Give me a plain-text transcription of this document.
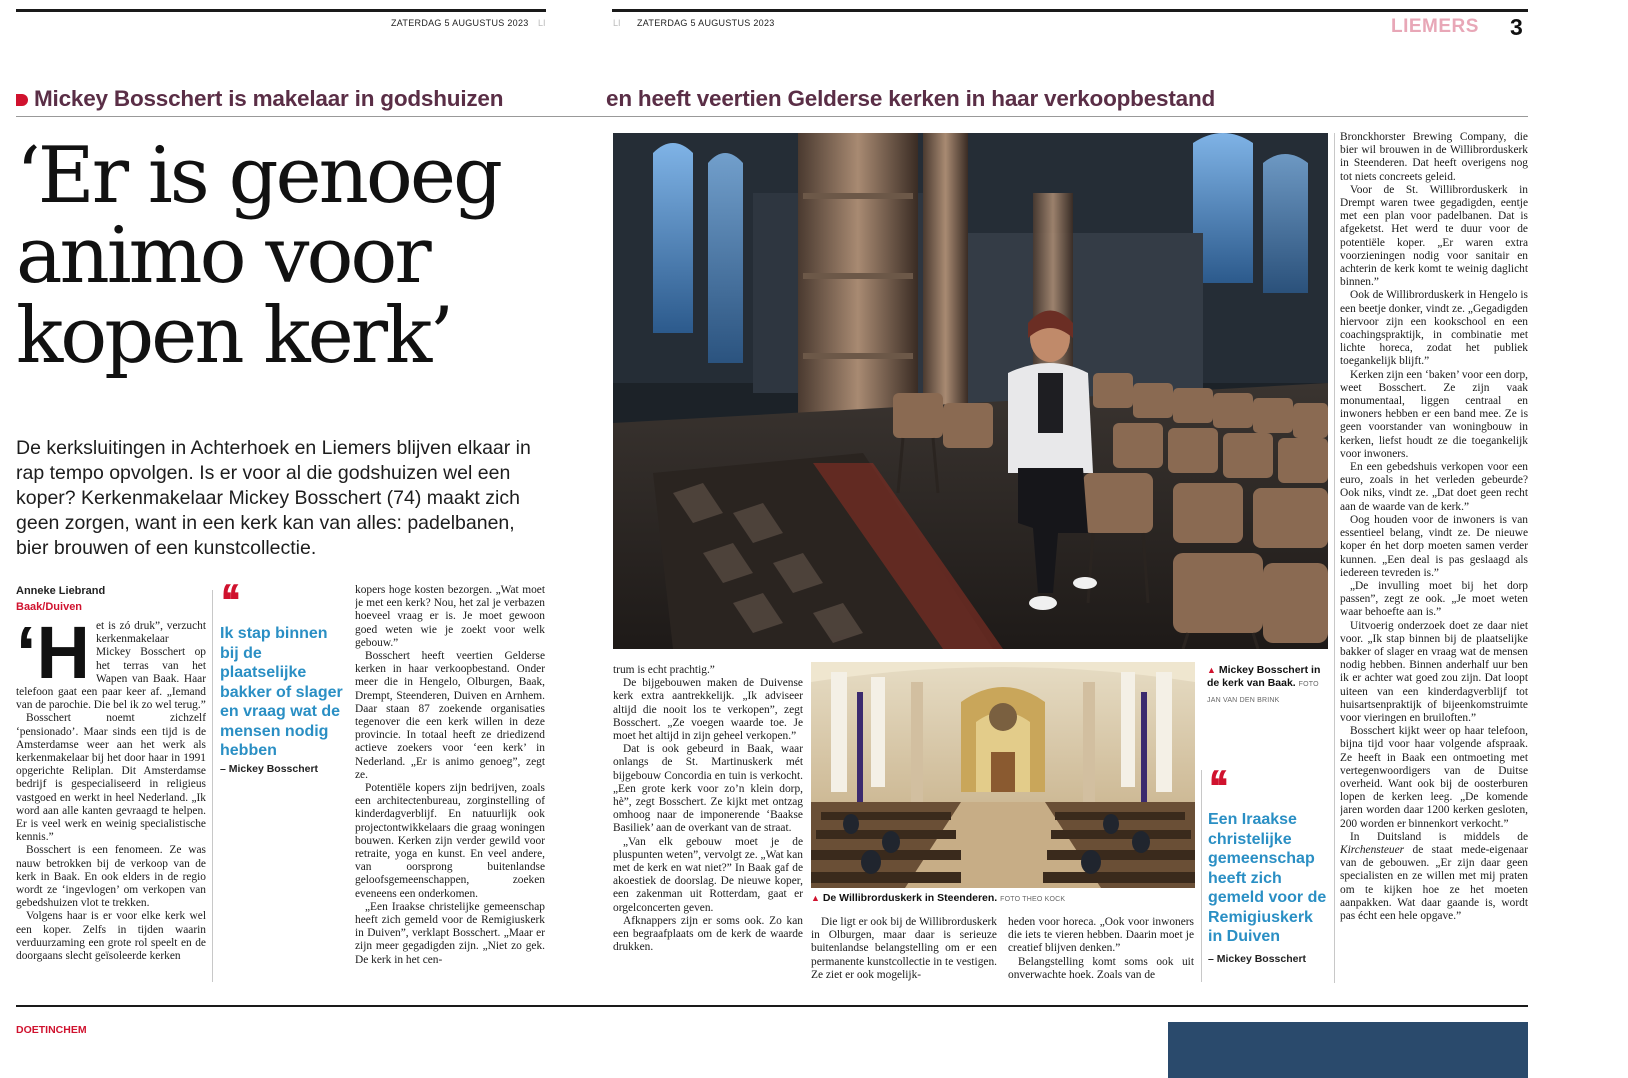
ZATERDAG 5 AUGUSTUS 2023 LI	LI ZATERDAG 5 AUGUSTUS 2023	LIEMERS 3
Mickey Bosschert is makelaar in godshuizen	en heeft veertien Gelderse kerken in haar verkoopbestand
‘Er is genoeg
animo voor
kopen kerk’
De kerksluitingen in Achterhoek en Liemers blijven elkaar in rap tempo opvolgen. Is er voor al die godshuizen wel een koper? Kerkenmakelaar Mickey Bosschert (74) maakt zich geen zorgen, want in een kerk kan van alles: padelbanen, bier brouwen of een kunstcollectie.
Anneke Liebrand
Baak/Duiven
‘H et is zó druk”, verzucht kerkenmakelaar Mickey Bosschert op het terras van het Wapen van Baak. Haar telefoon gaat een paar keer af. „Iemand van de parochie. Die bel ik zo wel terug.”

Bosschert noemt zichzelf ‘pensionado’. Maar sinds een tijd is de Amsterdamse weer aan het werk als kerkenmakelaar bij het door haar in 1991 opgerichte Reliplan. Dit Amsterdamse bedrijf is gespecialiseerd in religieus vastgoed en werkt in heel Nederland. „Ik word aan alle kanten gevraagd te helpen. Er is veel werk en weinig specialistische kennis.”

Bosschert is een fenomeen. Ze was nauw betrokken bij de verkoop van de kerk in Baak. En ook elders in de regio wordt ze ‘ingevlogen’ om verkopen van gebedshuizen vlot te trekken.

Volgens haar is er voor elke kerk wel een koper. Zelfs in tijden waarin verduurzaming een grote rol speelt en de doorgaans slecht geïsoleerde kerken

‘‘
Ik stap binnen bij de plaatselijke bakker of slager en vraag wat de mensen nodig hebben
– Mickey Bosschert

kopers hoge kosten bezorgen. „Wat moet je met een kerk? Nou, het zal je verbazen hoeveel vraag er is. Je moet gewoon goed weten wie je zoekt voor welk gebouw.”

Bosschert heeft veertien Gelderse kerken in haar verkoopbestand. Onder meer die in Hengelo, Olburgen, Baak, Drempt, Steenderen, Duiven en Arnhem. Daar staan 87 zoekende organisaties tegenover die een kerk willen in deze provincie. In totaal heeft ze driedizend actieve zoekers voor ‘een kerk’ in Nederland. „Er is animo genoeg”, zegt ze.

Potentiële kopers zijn bedrijven, zoals een architectenbureau, zorginstelling of kinderdagverblijf. En natuurlijk ook projectontwikkelaars die graag woningen bouwen. Kerken zijn verder gewild voor retraite, yoga en kunst. En veel andere, van oorsprong buitenlandse geloofsgemeenschappen, zoeken eveneens een onderkomen.

„Een Iraakse christelijke gemeenschap heeft zich gemeld voor de Remigiuskerk in Duiven”, verklapt Bosschert. „Maar er zijn meer gegadigden zijn. „Niet zo gek. De kerk in het cen-

Bronckhorster Brewing Company, die bier wil brouwen in de Willibrorduskerk in Steenderen. Dat heeft overigens nog tot niets concreets geleid.

Voor de St. Willibrorduskerk in Drempt waren twee gegadigden, eentje met een plan voor padelbanen. Dat is afgeketst. Het werd te duur voor de potentiële koper. „Er waren extra voorzieningen nodig voor sanitair en achterin de kerk komt te weinig daglicht binnen.”

Ook de Willibrorduskerk in Hengelo is een beetje donker, vindt ze. „Gegadigden hiervoor zijn een kookschool en een coachingspraktijk, in combinatie met lichte horeca, zodat het publiek toegankelijk blijft.”

Kerken zijn een ‘baken’ voor een dorp, weet Bosschert. Ze zijn vaak monumentaal, liggen centraal en inwoners hebben er een band mee. Ze is geen voorstander van woningbouw in kerken, liefst houdt ze die toegankelijk voor inwoners.

En een gebedshuis verkopen voor een euro, zoals in het verleden gebeurde? Ook niks, vindt ze. „Dat doet geen recht aan de waarde van de kerk.”

Oog houden voor de inwoners is van essentieel belang, vindt ze. De nieuwe koper én het dorp moeten samen verder kunnen. „Een deal is pas geslaagd als iedereen tevreden is.”

„De invulling moet bij het dorp passen”, zegt ze ook. „Je moet weten waar behoefte aan is.”

Uitvoerig onderzoek doet ze daar niet voor. „Ik stap binnen bij de plaatselijke bakker of slager en vraag wat de mensen nodig hebben. Binnen anderhalf uur ben ik er achter wat goed zou zijn. Dat loopt uiteen van een kinderdagverblijf tot huisartsenpraktijk of bijeenkomstruimte voor vieringen en bruiloften.”

Bosschert kijkt weer op haar telefoon, bijna tijd voor haar volgende afspraak. Ze heeft in Baak een ontmoeting met vertegenwoordigers van de Duitse overheid. Want ook bij de oosterburen lopen de kerken leeg. „De komende jaren worden daar 1200 kerken gesloten, 200 worden er binnenkort verkocht.”

In Duitsland is middels de Kirchensteuer de staat mede-eigenaar van de gebouwen. „Er zijn daar geen specialisten en ze willen met mij praten om te kijken hoe ze het moeten aanpakken. Wat daar gaande is, wordt pas écht een hele opgave.”

trum is echt prachtig.”

De bijgebouwen maken de Duivense kerk extra aantrekkelijk. „Ik adviseer altijd die nooit los te verkopen”, zegt Bosschert. „Ze voegen waarde toe. Je moet het altijd in zijn geheel verkopen.”

Dat is ook gebeurd in Baak, waar onlangs de St. Martinuskerk mét bijgebouw Concordia en tuin is verkocht. „Een grote kerk voor zo’n klein dorp, hè”, zegt Bosschert. Ze kijkt met ontzag omhoog naar de imponerende ‘Baakse Basiliek’ aan de overkant van de straat.

„Van elk gebouw moet je de pluspunten weten”, vervolgt ze. „Wat kan met de kerk en wat niet?” In Baak gaf de akoestiek de doorslag. De nieuwe koper, een zakenman uit Rotterdam, gaat er orgelconcerten geven.

Afknappers zijn er soms ook. Zo kan een begraafplaats om de kerk de waarde drukken.

▲ De Willibrorduskerk in Steenderen. FOTO THEO KOCK
▲ Mickey Bosschert in de kerk van Baak. FOTO
JAN VAN DEN BRINK
‘‘
Een Iraakse christelijke gemeenschap heeft zich gemeld voor de Remigiuskerk in Duiven
– Mickey Bosschert

Die ligt er ook bij de Willibrorduskerk in Olburgen, maar daar is serieuze buitenlandse belangstelling om er een permanente kunstcollectie in te vestigen. Ze ziet er ook mogelijk-

heden voor horeca. „Ook voor inwoners die iets te vieren hebben. Daarin moet je creatief blijven denken.”

Belangstelling komt soms ook uit onverwachte hoek. Zoals van de

DOETINCHEM
